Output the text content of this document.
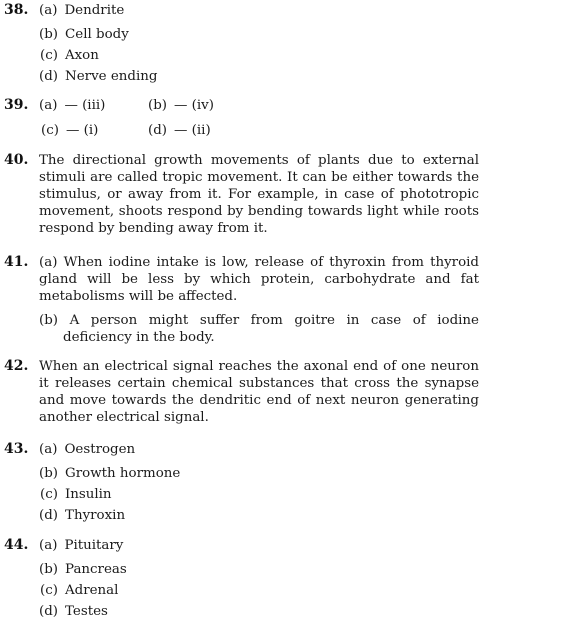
38. (a) Dendrite
(b) Cell body
(c) Axon
(d) Nerve ending
39. (a) — (iii)	(b) — (iv)
(c) — (i)	(d) — (ii)
40. The directional growth movements of plants due to external stimuli are called tropic movement. It can be either towards the stimulus, or away from it. For example, in case of phototropic movement, shoots respond by bending towards light while roots respond by bending away from it.
41. (a) When iodine intake is low, release of thyroxin from thyroid gland will be less by which protein, carbohydrate and fat metabolisms will be affected.
(b) A person might suffer from goitre in case of iodine deficiency in the body.
42. When an electrical signal reaches the axonal end of one neuron it releases certain chemical substances that cross the synapse and move towards the dendritic end of next neuron generating another electrical signal.
43. (a) Oestrogen
(b) Growth hormone
(c) Insulin
(d) Thyroxin
44. (a) Pituitary
(b) Pancreas
(c) Adrenal
(d) Testes
